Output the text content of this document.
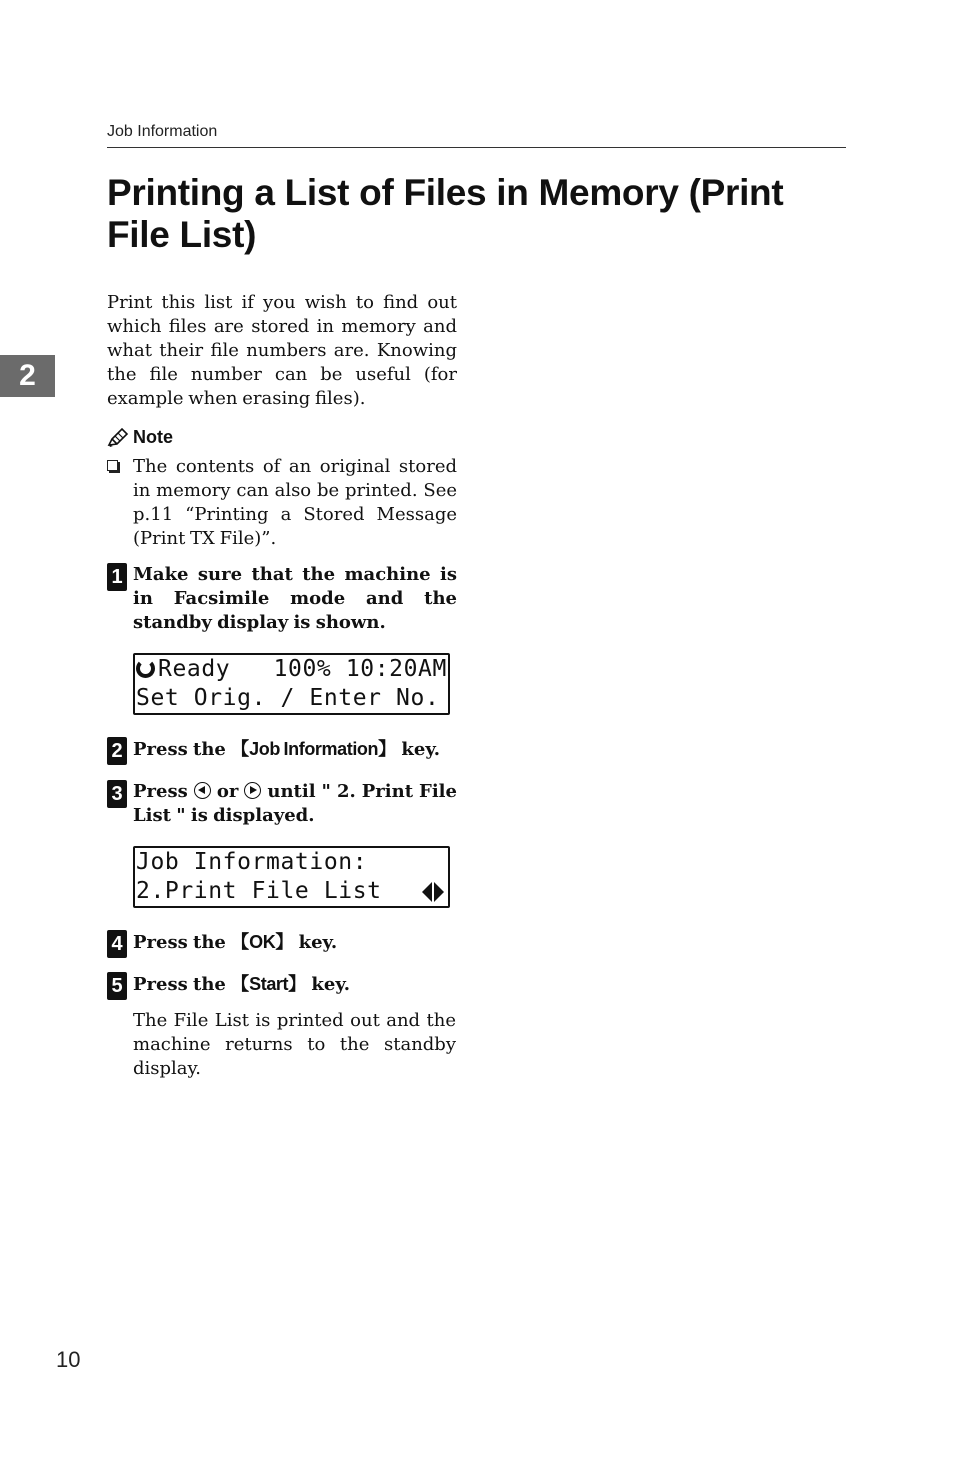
Job Information
Printing a List of Files in Memory (Print File List)
2

Print this list if you wish to find out which files are stored in memory and what their file numbers are. Knowing the file number can be useful (for example when erasing files).

Note

The contents of an original stored in memory can also be printed. See p.11 “Printing a Stored Message (Print TX File)”.

1 Make sure that the machine is in Facsimile mode and the standby display is shown.

Ready   100% 10:20AM
Set Orig. / Enter No.
2 Press the 【Job Information】 key.

3 Press or until " 2. Print File List " is displayed.

Job Information:
2.Print File List
4 Press the 【OK】 key.

5 Press the 【Start】 key.

The File List is printed out and the machine returns to the standby display.

10
